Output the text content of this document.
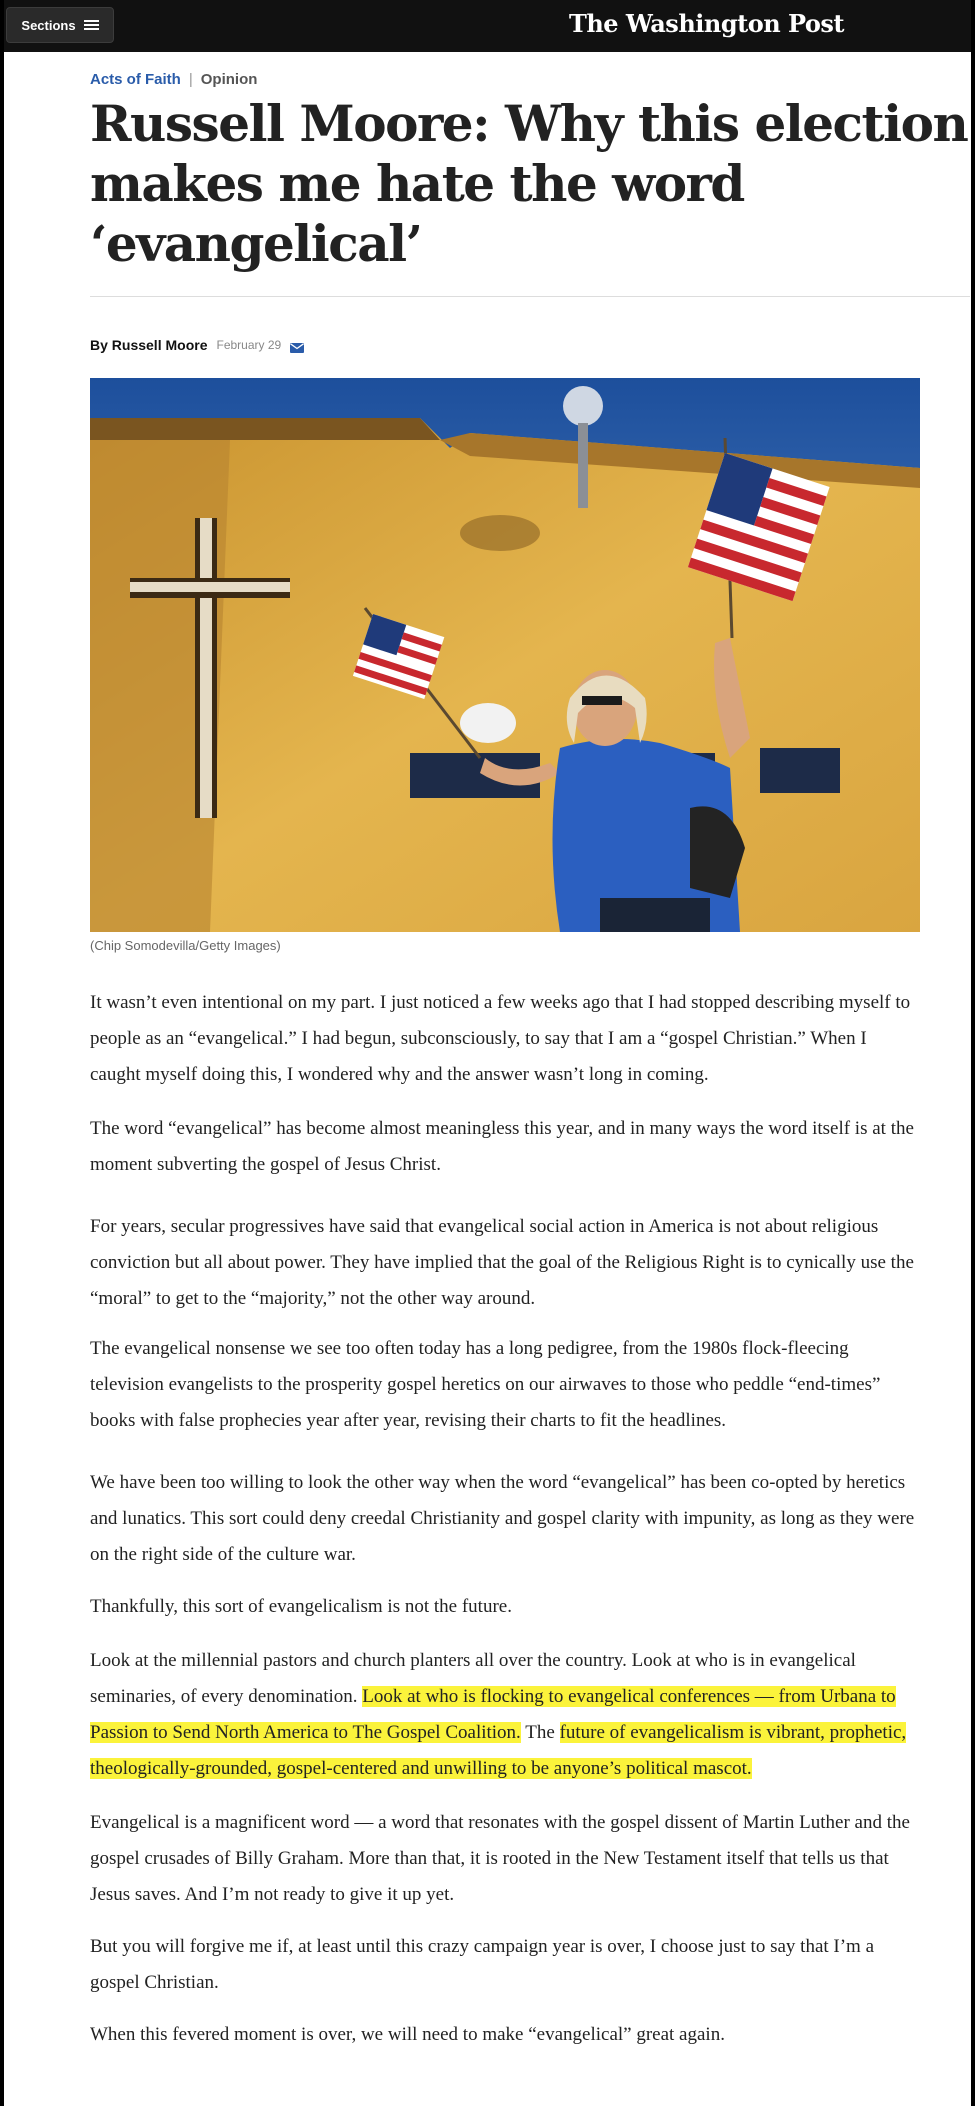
Sections	The Washington Post
Acts of Faith | Opinion
Russell Moore: Why this election makes me hate the word ‘evangelical’
By Russell Moore February 29
(Chip Somodevilla/Getty Images)

It wasn’t even intentional on my part. I just noticed a few weeks ago that I had stopped describing myself to people as an “evangelical.” I had begun, subconsciously, to say that I am a “gospel Christian.” When I caught myself doing this, I wondered why and the answer wasn’t long in coming.

The word “evangelical” has become almost meaningless this year, and in many ways the word itself is at the moment subverting the gospel of Jesus Christ.

For years, secular progressives have said that evangelical social action in America is not about religious conviction but all about power. They have implied that the goal of the Religious Right is to cynically use the “moral” to get to the “majority,” not the other way around.

The evangelical nonsense we see too often today has a long pedigree, from the 1980s flock-fleecing television evangelists to the prosperity gospel heretics on our airwaves to those who peddle “end-times” books with false prophecies year after year, revising their charts to fit the headlines.

We have been too willing to look the other way when the word “evangelical” has been co-opted by heretics and lunatics. This sort could deny creedal Christianity and gospel clarity with impunity, as long as they were on the right side of the culture war.

Thankfully, this sort of evangelicalism is not the future.

Look at the millennial pastors and church planters all over the country. Look at who is in evangelical seminaries, of every denomination. Look at who is flocking to evangelical conferences — from Urbana to Passion to Send North America to The Gospel Coalition. The future of evangelicalism is vibrant, prophetic, theologically-grounded, gospel-centered and unwilling to be anyone’s political mascot.

Evangelical is a magnificent word — a word that resonates with the gospel dissent of Martin Luther and the gospel crusades of Billy Graham. More than that, it is rooted in the New Testament itself that tells us that Jesus saves. And I’m not ready to give it up yet.

But you will forgive me if, at least until this crazy campaign year is over, I choose just to say that I’m a gospel Christian.

When this fevered moment is over, we will need to make “evangelical” great again.
